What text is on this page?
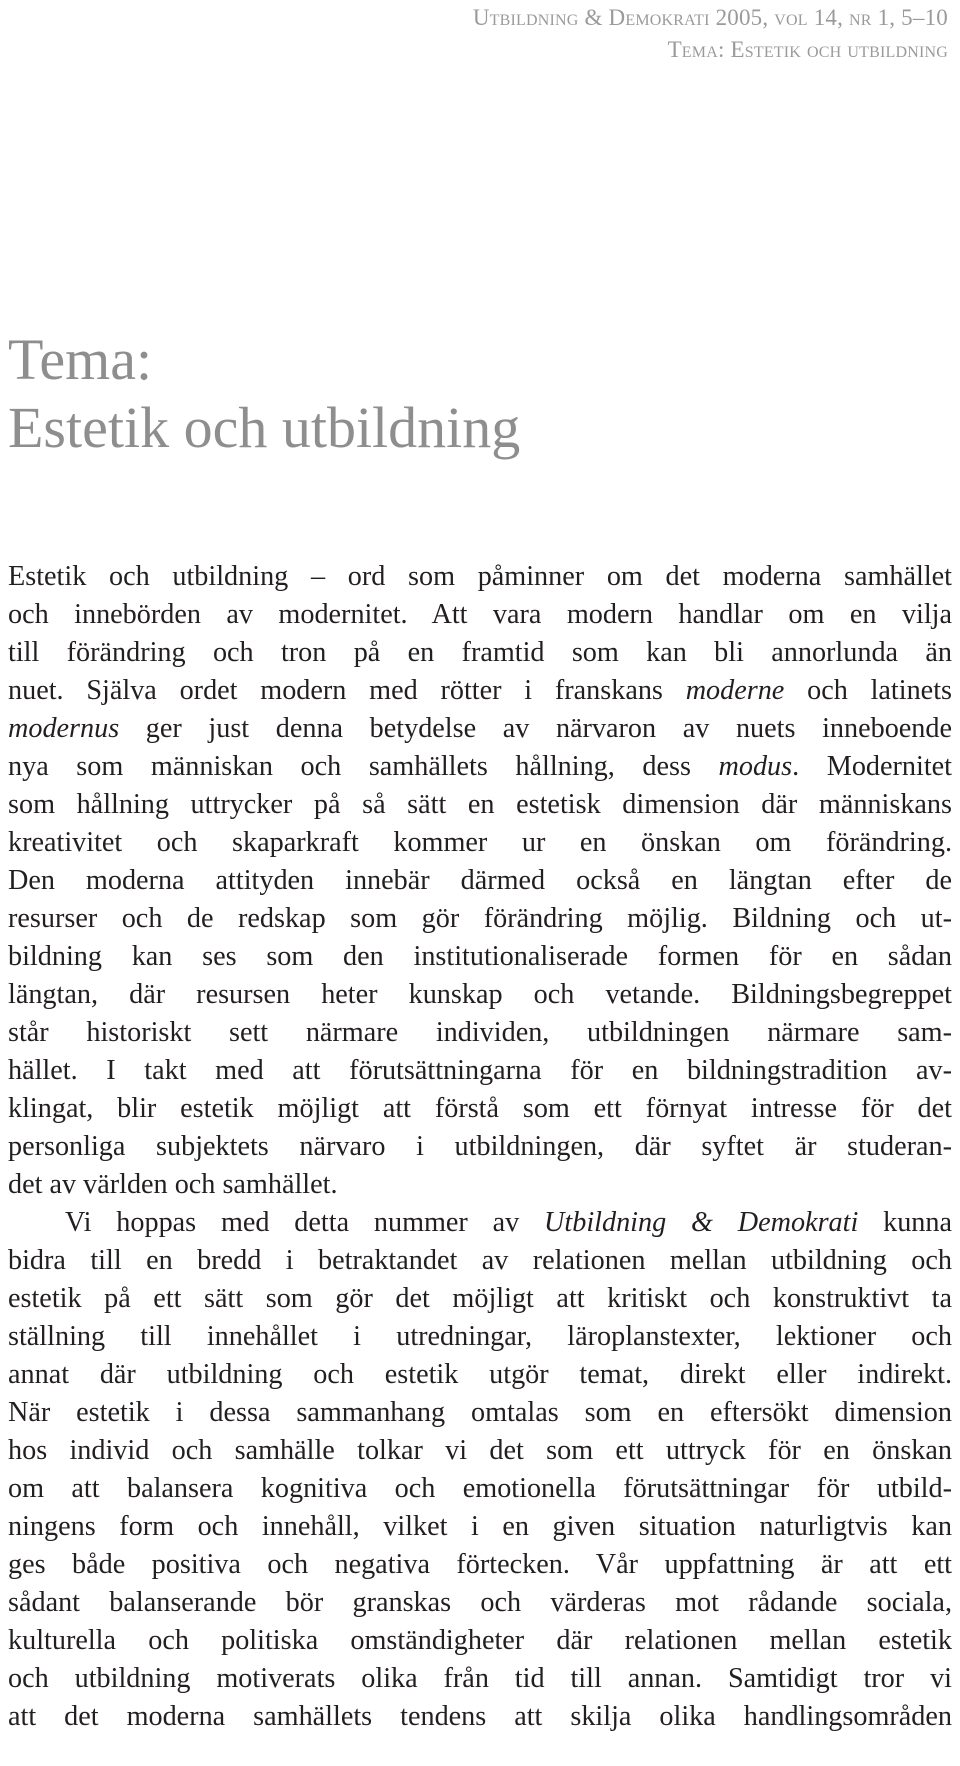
Utbildning & Demokrati 2005, vol 14, nr 1, 5–10
Tema: Estetik och utbildning
Tema:
Estetik och utbildning

Estetik och utbildning – ord som påminner om det moderna samhället
och innebörden av modernitet. Att vara modern handlar om en vilja
till förändring och tron på en framtid som kan bli annorlunda än
nuet. Själva ordet modern med rötter i franskans moderne och latinets
modernus ger just denna betydelse av närvaron av nuets inneboende
nya som människan och samhällets hållning, dess modus. Modernitet
som hållning uttrycker på så sätt en estetisk dimension där människans
kreativitet och skaparkraft kommer ur en önskan om förändring.
Den moderna attityden innebär därmed också en längtan efter de
resurser och de redskap som gör förändring möjlig. Bildning och ut-
bildning kan ses som den institutionaliserade formen för en sådan
längtan, där resursen heter kunskap och vetande. Bildningsbegreppet
står historiskt sett närmare individen, utbildningen närmare sam-
hället. I takt med att förutsättningarna för en bildningstradition av-
klingat, blir estetik möjligt att förstå som ett förnyat intresse för det
personliga subjektets närvaro i utbildningen, där syftet är studeran-
det av världen och samhället.

Vi hoppas med detta nummer av Utbildning & Demokrati kunna
bidra till en bredd i betraktandet av relationen mellan utbildning och
estetik på ett sätt som gör det möjligt att kritiskt och konstruktivt ta
ställning till innehållet i utredningar, läroplanstexter, lektioner och
annat där utbildning och estetik utgör temat, direkt eller indirekt.
När estetik i dessa sammanhang omtalas som en eftersökt dimension
hos individ och samhälle tolkar vi det som ett uttryck för en önskan
om att balansera kognitiva och emotionella förutsättningar för utbild-
ningens form och innehåll, vilket i en given situation naturligtvis kan
ges både positiva och negativa förtecken. Vår uppfattning är att ett
sådant balanserande bör granskas och värderas mot rådande sociala,
kulturella och politiska omständigheter där relationen mellan estetik
och utbildning motiverats olika från tid till annan. Samtidigt tror vi
att det moderna samhällets tendens att skilja olika handlingsområden
